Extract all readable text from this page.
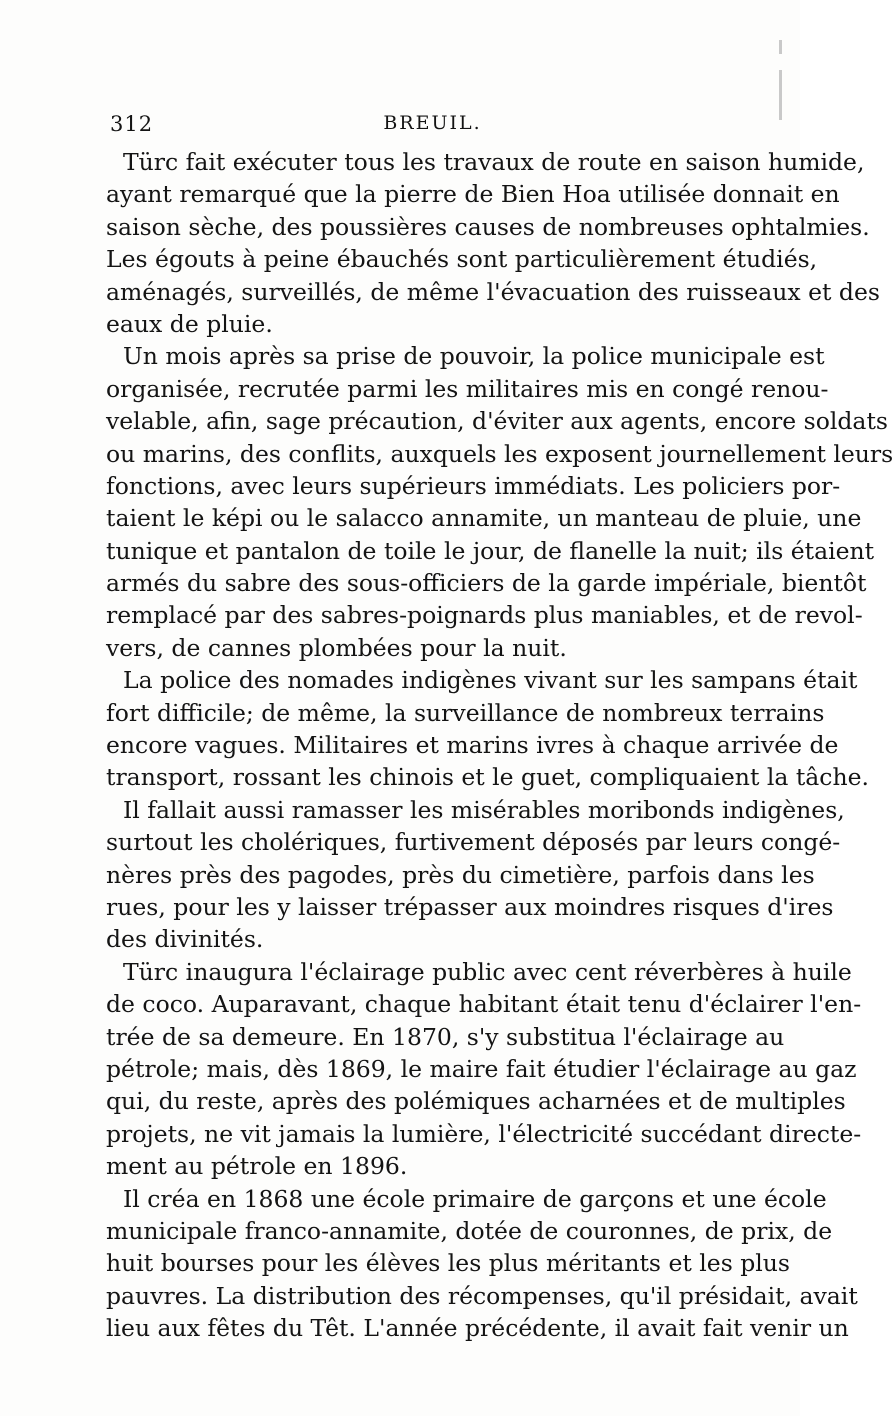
312	BREUIL.
Türc fait exécuter tous les travaux de route en saison humide,
ayant remarqué que la pierre de Bien Hoa utilisée donnait en
saison sèche, des poussières causes de nombreuses ophtalmies.
Les égouts à peine ébauchés sont particulièrement étudiés,
aménagés, surveillés, de même l'évacuation des ruisseaux et des
eaux de pluie.
Un mois après sa prise de pouvoir, la police municipale est
organisée, recrutée parmi les militaires mis en congé renou-
velable, afin, sage précaution, d'éviter aux agents, encore soldats
ou marins, des conflits, auxquels les exposent journellement leurs
fonctions, avec leurs supérieurs immédiats. Les policiers por-
taient le képi ou le salacco annamite, un manteau de pluie, une
tunique et pantalon de toile le jour, de flanelle la nuit; ils étaient
armés du sabre des sous-officiers de la garde impériale, bientôt
remplacé par des sabres-poignards plus maniables, et de revol-
vers, de cannes plombées pour la nuit.
La police des nomades indigènes vivant sur les sampans était
fort difficile; de même, la surveillance de nombreux terrains
encore vagues. Militaires et marins ivres à chaque arrivée de
transport, rossant les chinois et le guet, compliquaient la tâche.
Il fallait aussi ramasser les misérables moribonds indigènes,
surtout les cholériques, furtivement déposés par leurs congé-
nères près des pagodes, près du cimetière, parfois dans les
rues, pour les y laisser trépasser aux moindres risques d'ires
des divinités.
Türc inaugura l'éclairage public avec cent réverbères à huile
de coco. Auparavant, chaque habitant était tenu d'éclairer l'en-
trée de sa demeure. En 1870, s'y substitua l'éclairage au
pétrole; mais, dès 1869, le maire fait étudier l'éclairage au gaz
qui, du reste, après des polémiques acharnées et de multiples
projets, ne vit jamais la lumière, l'électricité succédant directe-
ment au pétrole en 1896.
Il créa en 1868 une école primaire de garçons et une école
municipale franco-annamite, dotée de couronnes, de prix, de
huit bourses pour les élèves les plus méritants et les plus
pauvres. La distribution des récompenses, qu'il présidait, avait
lieu aux fêtes du Têt. L'année précédente, il avait fait venir un
